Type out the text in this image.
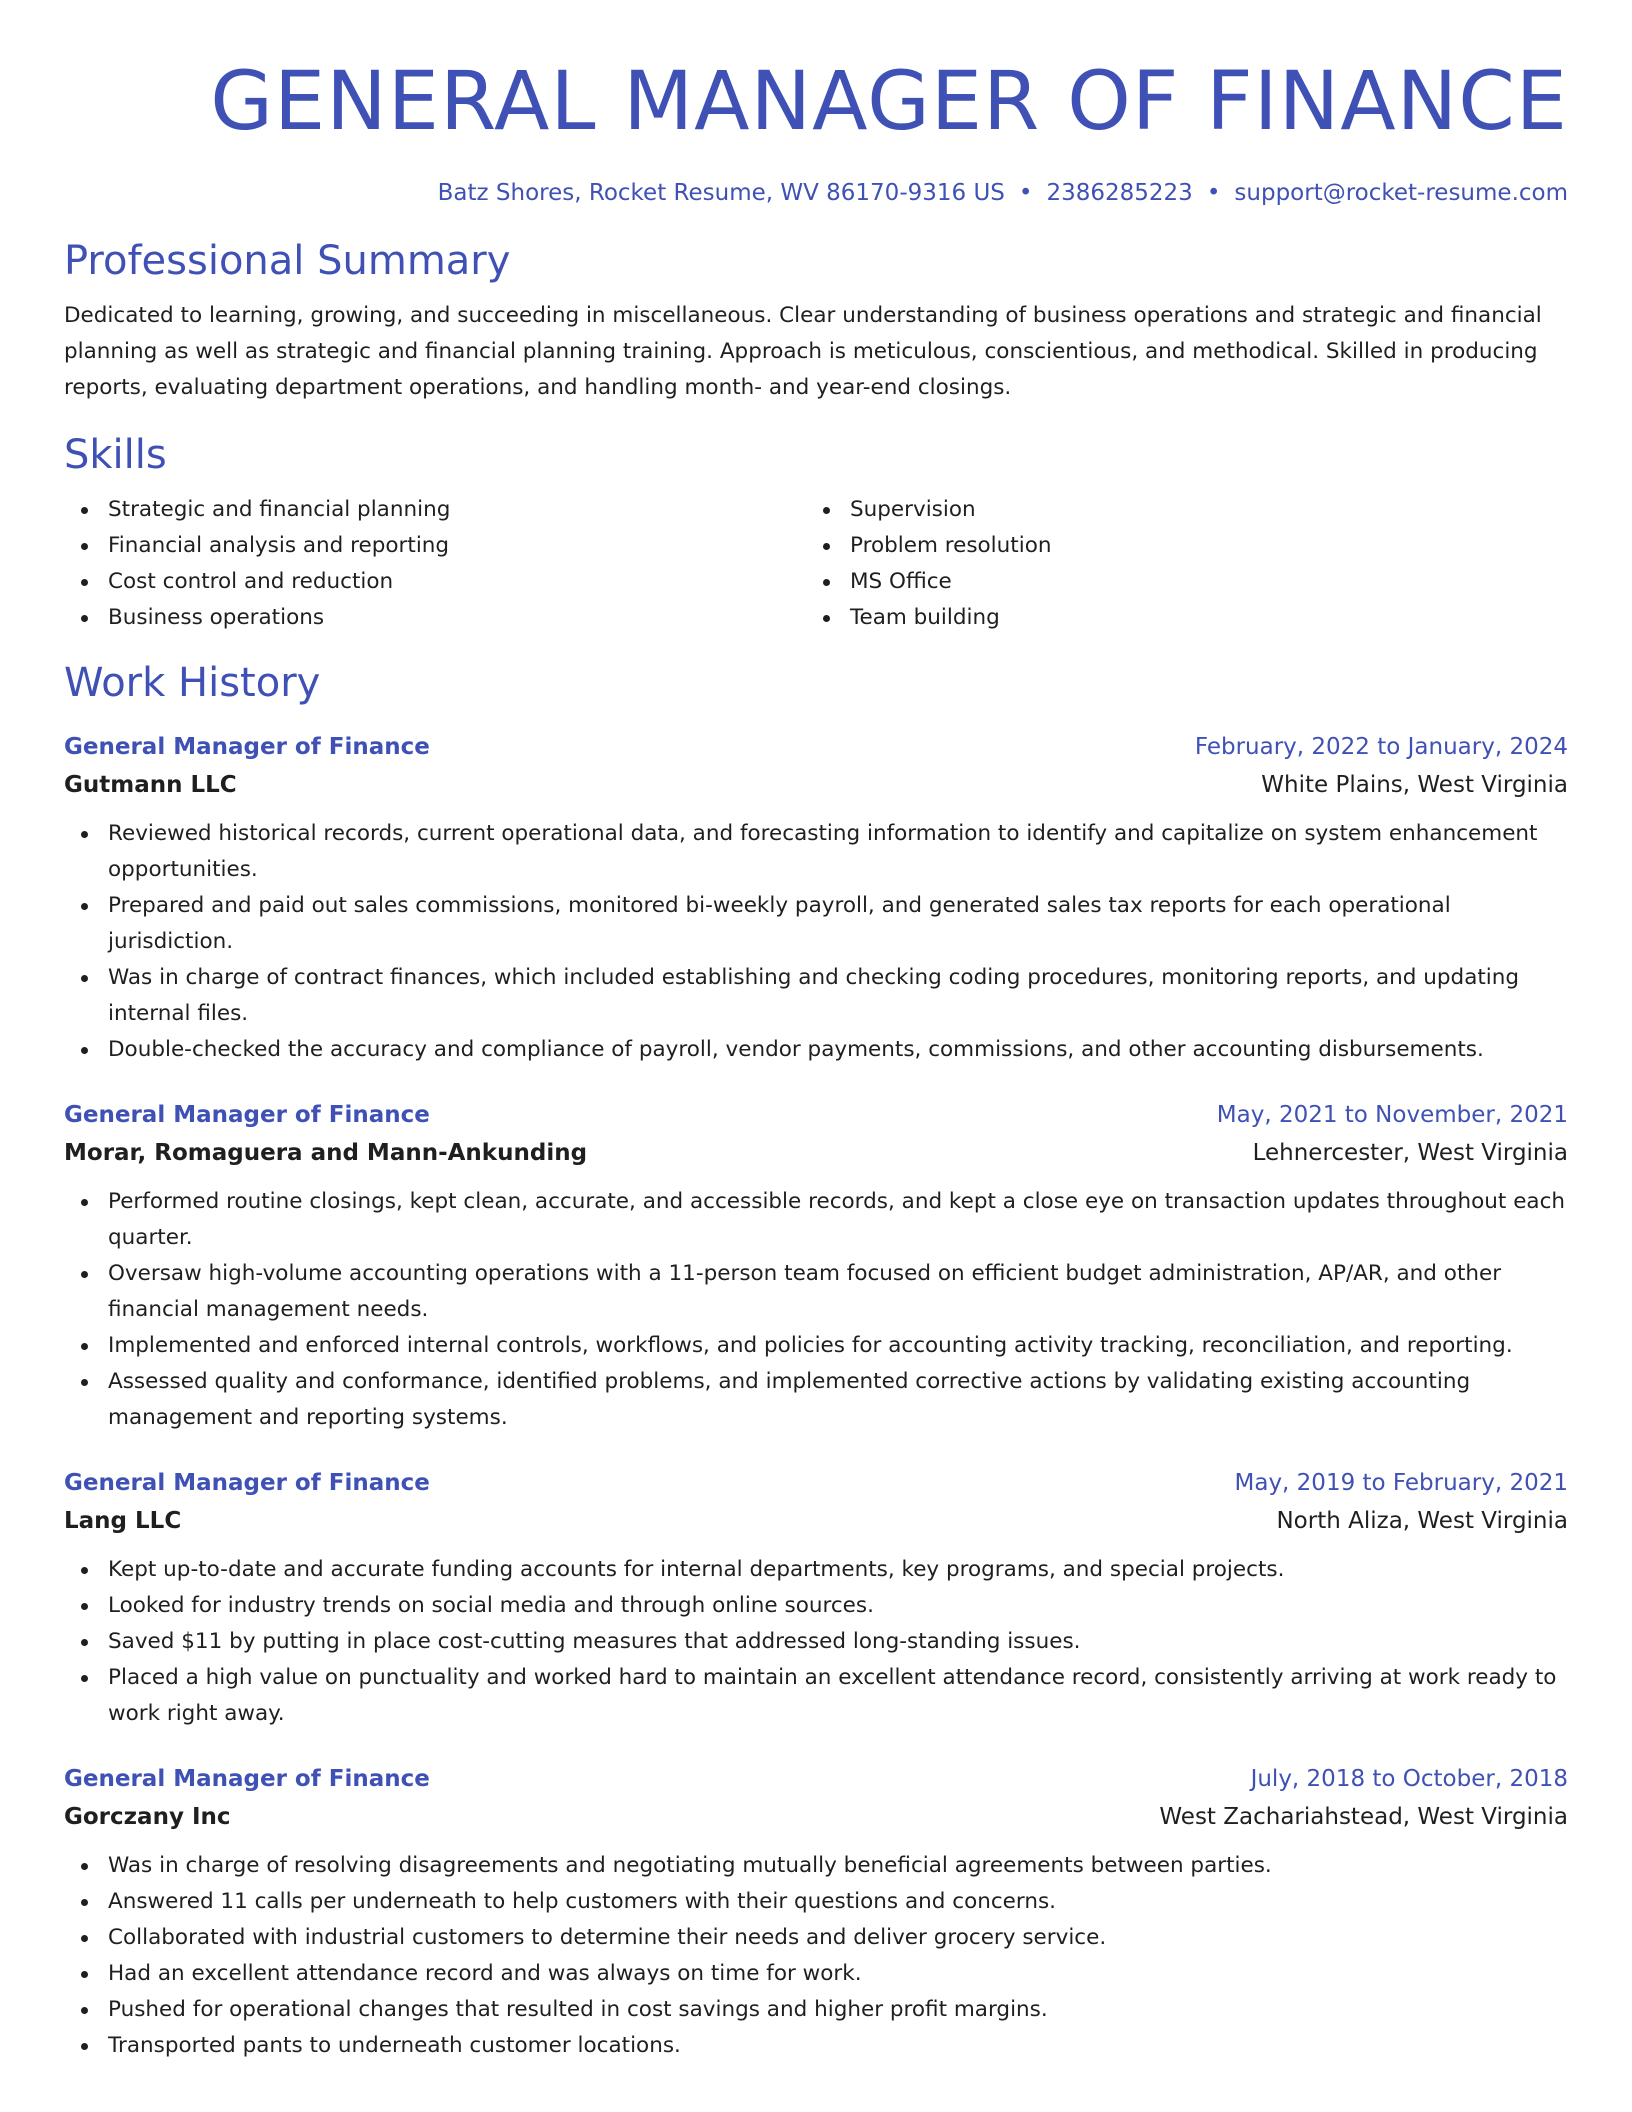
GENERAL MANAGER OF FINANCE
Batz Shores, Rocket Resume, WV 86170-9316 US • 2386285223 • support@rocket-resume.com
Professional Summary
Dedicated to learning, growing, and succeeding in miscellaneous. Clear understanding of business operations and strategic and financial planning as well as strategic and financial planning training. Approach is meticulous, conscientious, and methodical. Skilled in producing reports, evaluating department operations, and handling month- and year-end closings.
Skills
Strategic and financial planning
Financial analysis and reporting
Cost control and reduction
Business operations
Supervision
Problem resolution
MS Office
Team building
Work History
General Manager of Finance	February, 2022 to January, 2024
Gutmann LLC	White Plains, West Virginia
Reviewed historical records, current operational data, and forecasting information to identify and capitalize on system enhancement opportunities.
Prepared and paid out sales commissions, monitored bi-weekly payroll, and generated sales tax reports for each operational jurisdiction.
Was in charge of contract finances, which included establishing and checking coding procedures, monitoring reports, and updating internal files.
Double-checked the accuracy and compliance of payroll, vendor payments, commissions, and other accounting disbursements.
General Manager of Finance	May, 2021 to November, 2021
Morar, Romaguera and Mann-Ankunding	Lehnercester, West Virginia
Performed routine closings, kept clean, accurate, and accessible records, and kept a close eye on transaction updates throughout each quarter.
Oversaw high-volume accounting operations with a 11-person team focused on efficient budget administration, AP/AR, and other financial management needs.
Implemented and enforced internal controls, workflows, and policies for accounting activity tracking, reconciliation, and reporting.
Assessed quality and conformance, identified problems, and implemented corrective actions by validating existing accounting management and reporting systems.
General Manager of Finance	May, 2019 to February, 2021
Lang LLC	North Aliza, West Virginia
Kept up-to-date and accurate funding accounts for internal departments, key programs, and special projects.
Looked for industry trends on social media and through online sources.
Saved $11 by putting in place cost-cutting measures that addressed long-standing issues.
Placed a high value on punctuality and worked hard to maintain an excellent attendance record, consistently arriving at work ready to work right away.
General Manager of Finance	July, 2018 to October, 2018
Gorczany Inc	West Zachariahstead, West Virginia
Was in charge of resolving disagreements and negotiating mutually beneficial agreements between parties.
Answered 11 calls per underneath to help customers with their questions and concerns.
Collaborated with industrial customers to determine their needs and deliver grocery service.
Had an excellent attendance record and was always on time for work.
Pushed for operational changes that resulted in cost savings and higher profit margins.
Transported pants to underneath customer locations.
